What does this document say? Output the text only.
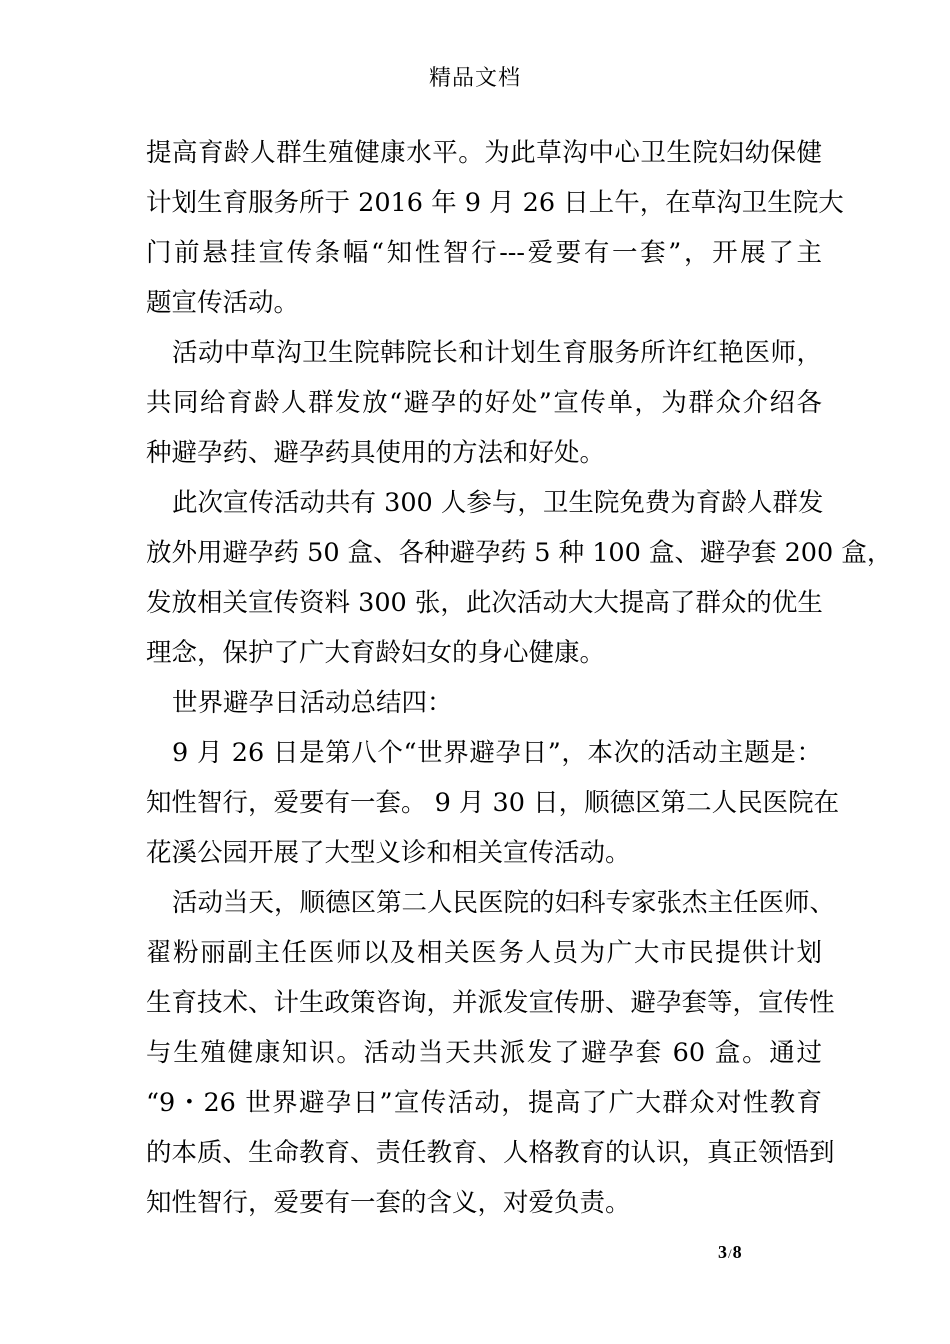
精品文档
提高育龄人群生殖健康水平。为此草沟中心卫生院妇幼保健
计划生育服务所于 2016 年 9 月 26 日上午，在草沟卫生院大
门前悬挂宣传条幅“知性智行---爱要有一套”，开展了主
题宣传活动。
活动中草沟卫生院韩院长和计划生育服务所许红艳医师，
共同给育龄人群发放“避孕的好处”宣传单，为群众介绍各
种避孕药、避孕药具使用的方法和好处。
此次宣传活动共有 300 人参与，卫生院免费为育龄人群发
放外用避孕药 50 盒、各种避孕药 5 种 100 盒、避孕套 200 盒，
发放相关宣传资料 300 张，此次活动大大提高了群众的优生
理念，保护了广大育龄妇女的身心健康。
世界避孕日活动总结四：
9 月 26 日是第八个“世界避孕日”，本次的活动主题是：
知性智行，爱要有一套。 9 月 30 日，顺德区第二人民医院在
花溪公园开展了大型义诊和相关宣传活动。
活动当天，顺德区第二人民医院的妇科专家张杰主任医师、
翟粉丽副主任医师以及相关医务人员为广大市民提供计划
生育技术、计生政策咨询，并派发宣传册、避孕套等，宣传性
与生殖健康知识。活动当天共派发了避孕套 60 盒。通过
“9・26 世界避孕日”宣传活动，提高了广大群众对性教育
的本质、生命教育、责任教育、人格教育的认识，真正领悟到
知性智行，爱要有一套的含义，对爱负责。
3/8
